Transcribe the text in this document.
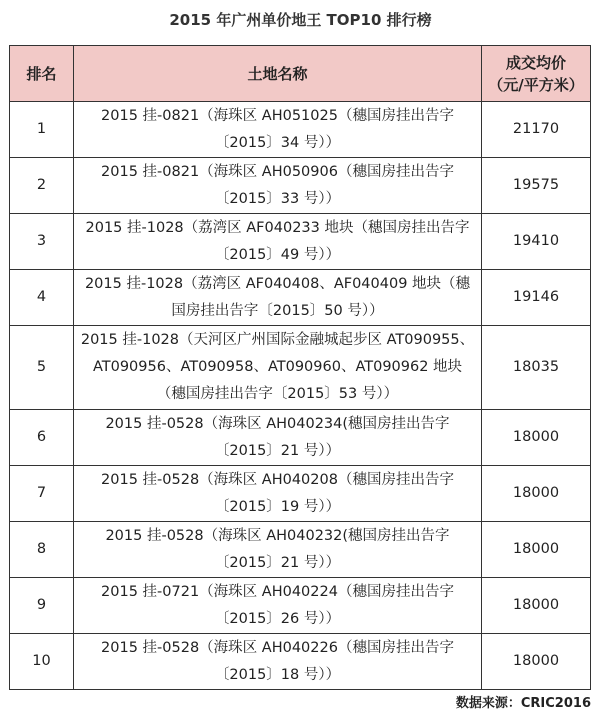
2015 年广州单价地王 TOP10 排行榜
排名	土地名称	成交均价
（元/平方米）

1	2015 挂-0821（海珠区 AH051025（穗国房挂出告字〔2015〕34 号））	21170
2	2015 挂-0821（海珠区 AH050906（穗国房挂出告字〔2015〕33 号））	19575
3	2015 挂-1028（荔湾区 AF040233 地块（穗国房挂出告字〔2015〕49 号））	19410
4	2015 挂-1028（荔湾区 AF040408、AF040409 地块（穗国房挂出告字〔2015〕50 号））	19146
5	2015 挂-1028（天河区广州国际金融城起步区 AT090955、AT090956、AT090958、AT090960、AT090962 地块（穗国房挂出告字〔2015〕53 号））	18035
6	2015 挂-0528（海珠区 AH040234(穗国房挂出告字〔2015〕21 号））	18000
7	2015 挂-0528（海珠区 AH040208（穗国房挂出告字〔2015〕19 号））	18000
8	2015 挂-0528（海珠区 AH040232(穗国房挂出告字〔2015〕21 号））	18000
9	2015 挂-0721（海珠区 AH040224（穗国房挂出告字〔2015〕26 号））	18000
10	2015 挂-0528（海珠区 AH040226（穗国房挂出告字〔2015〕18 号））	18000
数据来源：CRIC2016
